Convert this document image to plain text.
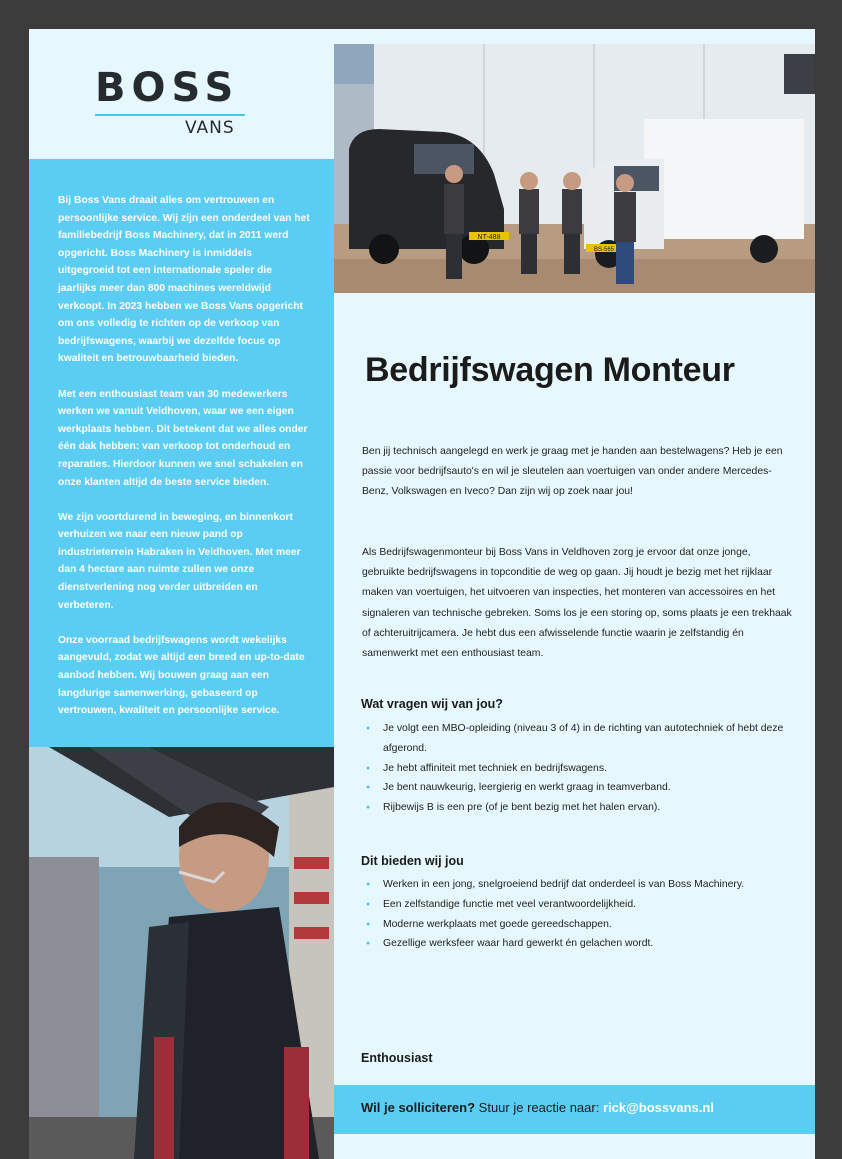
BOSS
VANS

Bij Boss Vans draait alles om vertrouwen en persoonlijke service. Wij zijn een onderdeel van het familiebedrijf Boss Machinery, dat in 2011 werd opgericht. Boss Machinery is inmiddels uitgegroeid tot een internationale speler die jaarlijks meer dan 800 machines wereldwijd verkoopt. In 2023 hebben we Boss Vans opgericht om ons volledig te richten op de verkoop van bedrijfswagens, waarbij we dezelfde focus op kwaliteit en betrouwbaarheid bieden.

Met een enthousiast team van 30 medewerkers werken we vanuit Veldhoven, waar we een eigen werkplaats hebben. Dit betekent dat we alles onder één dak hebben: van verkoop tot onderhoud en reparaties. Hierdoor kunnen we snel schakelen en onze klanten altijd de beste service bieden.

We zijn voortdurend in beweging, en binnenkort verhuizen we naar een nieuw pand op industrieterrein Habraken in Veldhoven. Met meer dan 4 hectare aan ruimte zullen we onze dienstverlening nog verder uitbreiden en verbeteren.

Onze voorraad bedrijfswagens wordt wekelijks aangevuld, zodat we altijd een breed en up-to-date aanbod hebben. Wij bouwen graag aan een langdurige samenwerking, gebaseerd op vertrouwen, kwaliteit en persoonlijke service.

NT-488
BS-565
Bedrijfswagen Monteur

Ben jij technisch aangelegd en werk je graag met je handen aan bestelwagens? Heb je een passie voor bedrijfsauto's en wil je sleutelen aan voertuigen van onder andere Mercedes-Benz, Volkswagen en Iveco? Dan zijn wij op zoek naar jou!

Als Bedrijfswagenmonteur bij Boss Vans in Veldhoven zorg je ervoor dat onze jonge, gebruikte bedrijfswagens in topconditie de weg op gaan. Jij houdt je bezig met het rijklaar maken van voertuigen, het uitvoeren van inspecties, het monteren van accessoires en het signaleren van technische gebreken. Soms los je een storing op, soms plaats je een trekhaak of achteruitrijcamera. Je hebt dus een afwisselende functie waarin je zelfstandig én samenwerkt met een enthousiast team.

Wat vragen wij van jou?
● Je volgt een MBO-opleiding (niveau 3 of 4) in de richting van autotechniek of hebt deze afgerond.
● Je hebt affiniteit met techniek en bedrijfswagens.
● Je bent nauwkeurig, leergierig en werkt graag in teamverband.
● Rijbewijs B is een pre (of je bent bezig met het halen ervan).
Dit bieden wij jou
● Werken in een jong, snelgroeiend bedrijf dat onderdeel is van Boss Machinery.
● Een zelfstandige functie met veel verantwoordelijkheid.
● Moderne werkplaats met goede gereedschappen.
● Gezellige werksfeer waar hard gewerkt én gelachen wordt.
Enthousiast
Wil je solliciteren? Stuur je reactie naar: rick@bossvans.nl
